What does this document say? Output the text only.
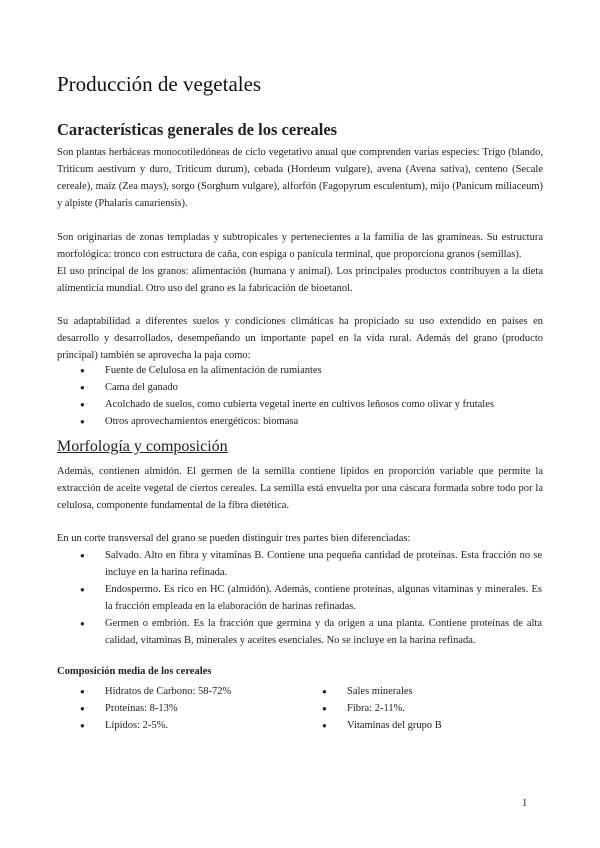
Producción de vegetales
Características generales de los cereales

Son plantas herbáceas monocotiledóneas de ciclo vegetativo anual que comprenden varias especies: Trigo (blando, Triticum aestivum y duro, Triticum durum), cebada (Hordeum vulgare), avena (Avena sativa), centeno (Secale cereale), maíz (Zea mays), sorgo (Sorghum vulgare), alforfón (Fagopyrum esculentum), mijo (Panicum miliaceum) y alpiste (Phalaris canariensis).

Son originarias de zonas templadas y subtropicales y pertenecientes a la familia de las gramíneas. Su estructura morfológica: tronco con estructura de caña, con espiga o panícula terminal, que proporciona granos (semillas).

El uso principal de los granos: alimentación (humana y animal). Los principales productos contribuyen a la dieta alimenticia mundial. Otro uso del grano es la fabricación de bioetanol.

Su adaptabilidad a diferentes suelos y condiciones climáticas ha propiciado su uso extendido en países en desarrollo y desarrollados, desempeñando un importante papel en la vida rural. Además del grano (producto principal) también se aprovecha la paja como:

● Fuente de Celulosa en la alimentación de rumiantes
● Cama del ganado
● Acolchado de suelos, como cubierta vegetal inerte en cultivos leñosos como olivar y frutales
● Otros aprovechamientos energéticos: biomasa
Morfología y composición

Además, contienen almidón. El germen de la semilla contiene lípidos en proporción variable que permite la extracción de aceite vegetal de ciertos cereales. La semilla está envuelta por una cáscara formada sobre todo por la celulosa, componente fundamental de la fibra dietética.

En un corte transversal del grano se pueden distinguir tres partes bien diferenciadas:

● Salvado. Alto en fibra y vitaminas B. Contiene una pequeña cantidad de proteínas. Esta fracción no se incluye en la harina refinada.
● Endospermo. Es rico en HC (almidón). Además, contiene proteínas, algunas vitaminas y minerales. Es la fracción empleada en la elaboración de harinas refinadas.
● Germen o embrión. Es la fracción que germina y da origen a una planta. Contiene proteínas de alta calidad, vitaminas B, minerales y aceites esenciales. No se incluye en la harina refinada.
Composición media de los cereales
● Hidratos de Carbono: 58-72%
● Proteínas: 8-13%
● Lípidos: 2-5%.
● Sales minerales
● Fibra: 2-11%.
● Vitaminas del grupo B
1
